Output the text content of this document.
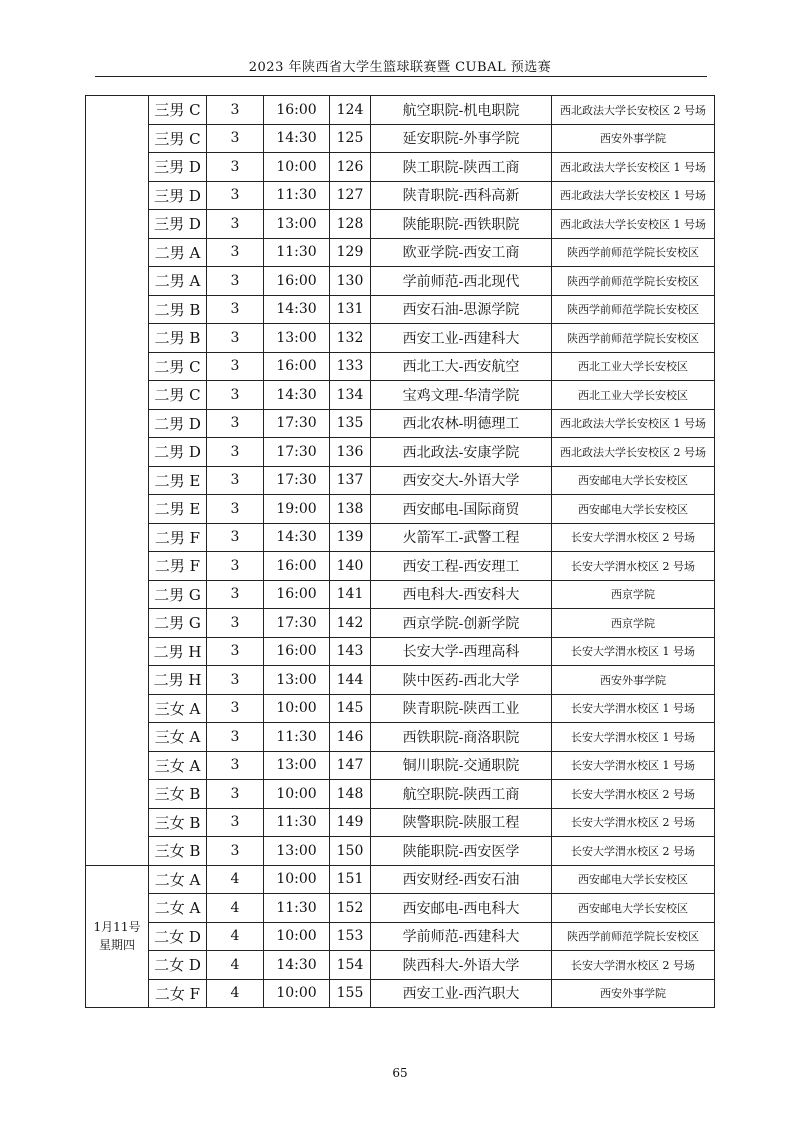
2023 年陕西省大学生篮球联赛暨 CUBAL 预选赛
	三男 C	3	16:00	124	航空职院-机电职院	西北政法大学长安校区 2 号场
	三男 C	3	14:30	125	延安职院-外事学院	西安外事学院
	三男 D	3	10:00	126	陕工职院-陕西工商	西北政法大学长安校区 1 号场
	三男 D	3	11:30	127	陕青职院-西科高新	西北政法大学长安校区 1 号场
	三男 D	3	13:00	128	陕能职院-西铁职院	西北政法大学长安校区 1 号场
	二男 A	3	11:30	129	欧亚学院-西安工商	陕西学前师范学院长安校区
	二男 A	3	16:00	130	学前师范-西北现代	陕西学前师范学院长安校区
	二男 B	3	14:30	131	西安石油-思源学院	陕西学前师范学院长安校区
	二男 B	3	13:00	132	西安工业-西建科大	陕西学前师范学院长安校区
	二男 C	3	16:00	133	西北工大-西安航空	西北工业大学长安校区
	二男 C	3	14:30	134	宝鸡文理-华清学院	西北工业大学长安校区
	二男 D	3	17:30	135	西北农林-明德理工	西北政法大学长安校区 1 号场
	二男 D	3	17:30	136	西北政法-安康学院	西北政法大学长安校区 2 号场
	二男 E	3	17:30	137	西安交大-外语大学	西安邮电大学长安校区
	二男 E	3	19:00	138	西安邮电-国际商贸	西安邮电大学长安校区
	二男 F	3	14:30	139	火箭军工-武警工程	长安大学渭水校区 2 号场
	二男 F	3	16:00	140	西安工程-西安理工	长安大学渭水校区 2 号场
	二男 G	3	16:00	141	西电科大-西安科大	西京学院
	二男 G	3	17:30	142	西京学院-创新学院	西京学院
	二男 H	3	16:00	143	长安大学-西理高科	长安大学渭水校区 1 号场
	二男 H	3	13:00	144	陕中医药-西北大学	西安外事学院
	三女 A	3	10:00	145	陕青职院-陕西工业	长安大学渭水校区 1 号场
	三女 A	3	11:30	146	西铁职院-商洛职院	长安大学渭水校区 1 号场
	三女 A	3	13:00	147	铜川职院-交通职院	长安大学渭水校区 1 号场
	三女 B	3	10:00	148	航空职院-陕西工商	长安大学渭水校区 2 号场
	三女 B	3	11:30	149	陕警职院-陕服工程	长安大学渭水校区 2 号场
	三女 B	3	13:00	150	陕能职院-西安医学	长安大学渭水校区 2 号场

1月11号
星期四	二女 A	4	10:00	151	西安财经-西安石油	西安邮电大学长安校区
	二女 A	4	11:30	152	西安邮电-西电科大	西安邮电大学长安校区
	二女 D	4	10:00	153	学前师范-西建科大	陕西学前师范学院长安校区
	二女 D	4	14:30	154	陕西科大-外语大学	长安大学渭水校区 2 号场
	二女 F	4	10:00	155	西安工业-西汽职大	西安外事学院
65
